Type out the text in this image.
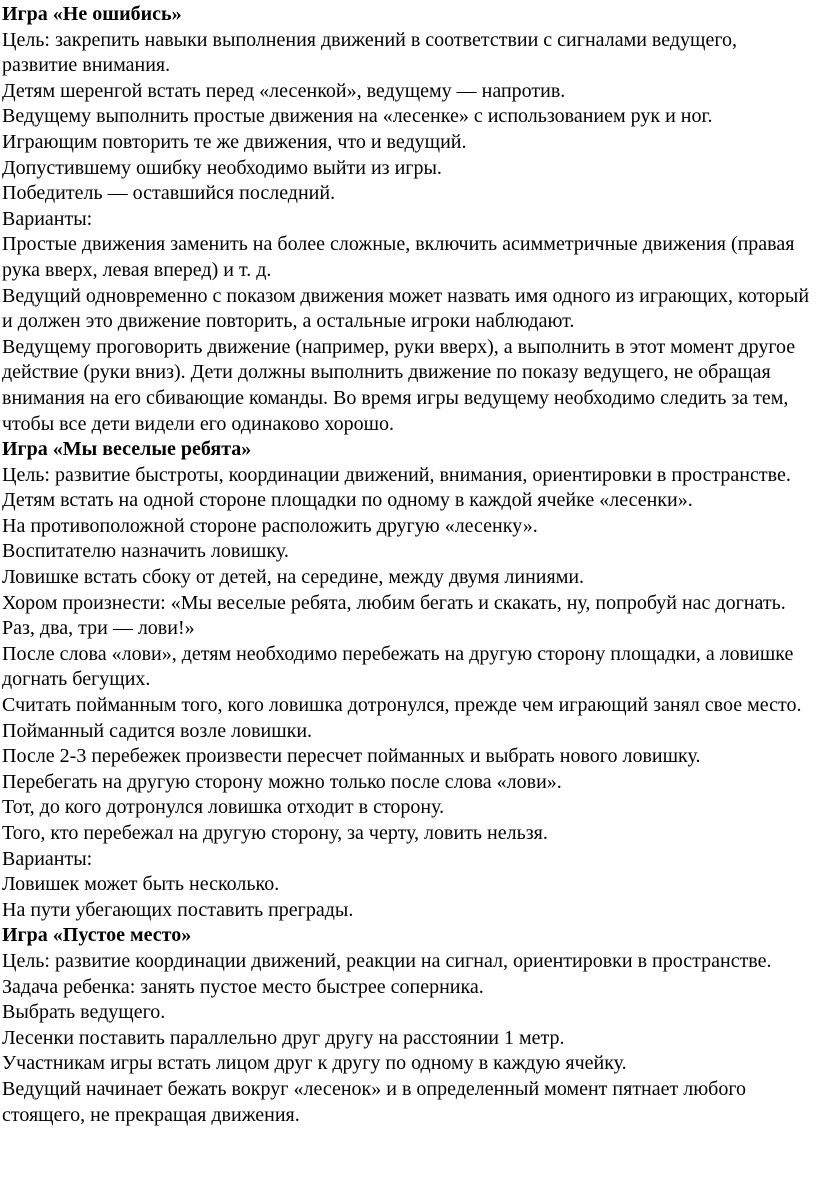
Игра «Не ошибись»

Цель: закрепить навыки выполнения движений в соответствии с сигналами ведущего, развитие внимания.

Детям шеренгой встать перед «лесенкой», ведущему — напротив.

Ведущему выполнить простые движения на «лесенке» с использованием рук и ног.

Играющим повторить те же движения, что и ведущий.

Допустившему ошибку необходимо выйти из игры.

Победитель — оставшийся последний.

Варианты:

Простые движения заменить на более сложные, включить асимметричные движения (правая рука вверх, левая вперед) и т. д.

Ведущий одновременно с показом движения может назвать имя одного из играющих, который и должен это движение повторить, а остальные игроки наблюдают.

Ведущему проговорить движение (например, руки вверх), а выполнить в этот момент другое действие (руки вниз). Дети должны выполнить движение по показу ведущего, не обращая внимания на его сбивающие команды. Во время игры ведущему необходимо следить за тем, чтобы все дети видели его одинаково хорошо.

Игра «Мы веселые ребята»

Цель: развитие быстроты, координации движений, внимания, ориентировки в пространстве.

Детям встать на одной стороне площадки по одному в каждой ячейке «лесенки».

На противоположной стороне расположить другую «лесенку».

Воспитателю назначить ловишку.

Ловишке встать сбоку от детей, на середине, между двумя линиями.

Хором произнести: «Мы веселые ребята, любим бегать и скакать, ну, попробуй нас догнать. Раз, два, три — лови!»

После слова «лови», детям необходимо перебежать на другую сторону площадки, а ловишке догнать бегущих.

Считать пойманным того, кого ловишка дотронулся, прежде чем играющий занял свое место.

Пойманный садится возле ловишки.

После 2-3 перебежек произвести пересчет пойманных и выбрать нового ловишку.

Перебегать на другую сторону можно только после слова «лови».

Тот, до кого дотронулся ловишка отходит в сторону.

Того, кто перебежал на другую сторону, за черту, ловить нельзя.

Варианты:

Ловишек может быть несколько.

На пути убегающих поставить преграды.

Игра «Пустое место»

Цель: развитие координации движений, реакции на сигнал, ориентировки в пространстве.

Задача ребенка: занять пустое место быстрее соперника.

Выбрать ведущего.

Лесенки поставить параллельно друг другу на расстоянии 1 метр.

Участникам игры встать лицом друг к другу по одному в каждую ячейку.

Ведущий начинает бежать вокруг «лесенок» и в определенный момент пятнает любого стоящего, не прекращая движения.
